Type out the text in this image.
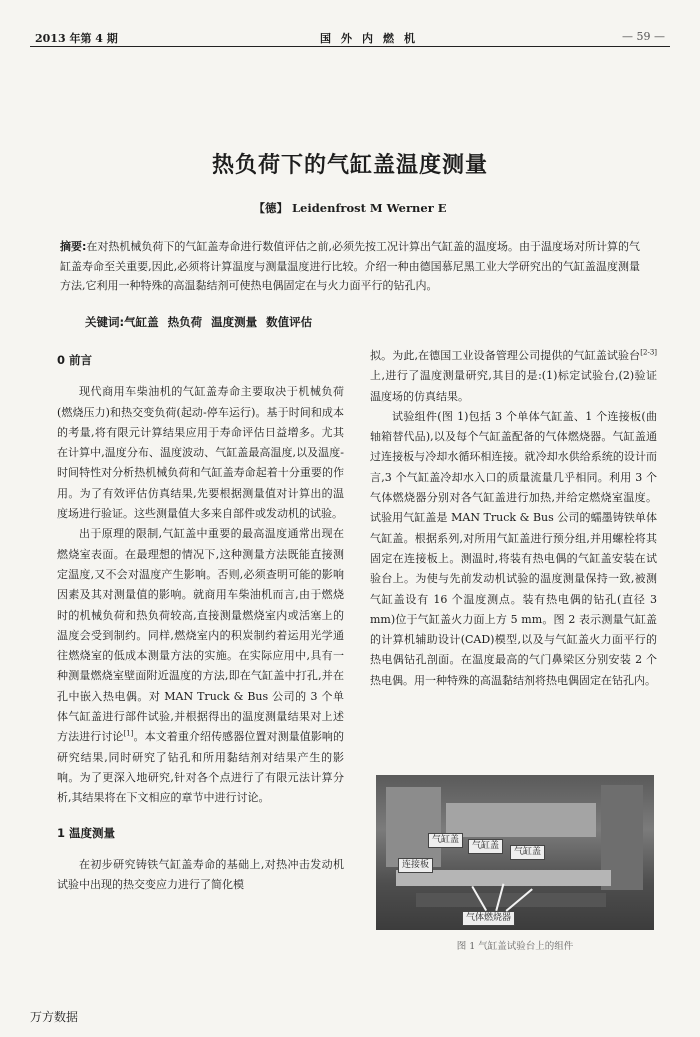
2013 年第 4 期	国外内燃机	— 59 —
热负荷下的气缸盖温度测量
【德】 Leidenfrost M Werner E
摘要:在对热机械负荷下的气缸盖寿命进行数值评估之前,必须先按工况计算出气缸盖的温度场。由于温度场对所计算的气缸盖寿命至关重要,因此,必须将计算温度与测量温度进行比较。介绍一种由德国慕尼黑工业大学研究出的气缸盖温度测量方法,它利用一种特殊的高温黏结剂可使热电偶固定在与火力面平行的钻孔内。
关键词:气缸盖 热负荷 温度测量 数值评估
0 前言

现代商用车柴油机的气缸盖寿命主要取决于机械负荷(燃烧压力)和热交变负荷(起动-停车运行)。基于时间和成本的考量,将有限元计算结果应用于寿命评估日益增多。尤其在计算中,温度分布、温度波动、气缸盖最高温度,以及温度-时间特性对分析热机械负荷和气缸盖寿命起着十分重要的作用。为了有效评估仿真结果,先要根据测量值对计算出的温度场进行验证。这些测量值大多来自部件或发动机的试验。

出于原理的限制,气缸盖中重要的最高温度通常出现在燃烧室表面。在最理想的情况下,这种测量方法既能直接测定温度,又不会对温度产生影响。否则,必须查明可能的影响因素及其对测量值的影响。就商用车柴油机而言,由于燃烧时的机械负荷和热负荷较高,直接测量燃烧室内或活塞上的温度会受到制约。同样,燃烧室内的积炭制约着运用光学通往燃烧室的低成本测量方法的实施。在实际应用中,具有一种测量燃烧室壁面附近温度的方法,即在气缸盖中打孔,并在孔中嵌入热电偶。对 MAN Truck & Bus 公司的 3 个单体气缸盖进行部件试验,并根据得出的温度测量结果对上述方法进行讨论[1]。本文着重介绍传感器位置对测量值影响的研究结果,同时研究了钻孔和所用黏结剂对结果产生的影响。为了更深入地研究,针对各个点进行了有限元法计算分析,其结果将在下文相应的章节中进行讨论。

1 温度测量

在初步研究铸铁气缸盖寿命的基础上,对热冲击发动机试验中出现的热交变应力进行了简化模

拟。为此,在德国工业设备管理公司提供的气缸盖试验台[2-3]上,进行了温度测量研究,其目的是:(1)标定试验台,(2)验证温度场的仿真结果。

试验组件(图 1)包括 3 个单体气缸盖、1 个连接板(曲轴箱替代品),以及每个气缸盖配备的气体燃烧器。气缸盖通过连接板与冷却水循环相连接。就冷却水供给系统的设计而言,3 个气缸盖冷却水入口的质量流量几乎相同。利用 3 个气体燃烧器分别对各气缸盖进行加热,并给定燃烧室温度。试验用气缸盖是 MAN Truck & Bus 公司的蠕墨铸铁单体气缸盖。根据系列,对所用气缸盖进行预分组,并用螺栓将其固定在连接板上。测温时,将装有热电偶的气缸盖安装在试验台上。为使与先前发动机试验的温度测量保持一致,被测气缸盖设有 16 个温度测点。装有热电偶的钻孔(直径 3 mm)位于气缸盖火力面上方 5 mm。图 2 表示测量气缸盖的计算机辅助设计(CAD)模型,以及与气缸盖火力面平行的热电偶钻孔剖面。在温度最高的气门鼻梁区分别安装 2 个热电偶。用一种特殊的高温黏结剂将热电偶固定在钻孔内。

气缸盖
气缸盖
气缸盖
连接板
气体燃烧器
图 1 气缸盖试验台上的组件
万方数据
